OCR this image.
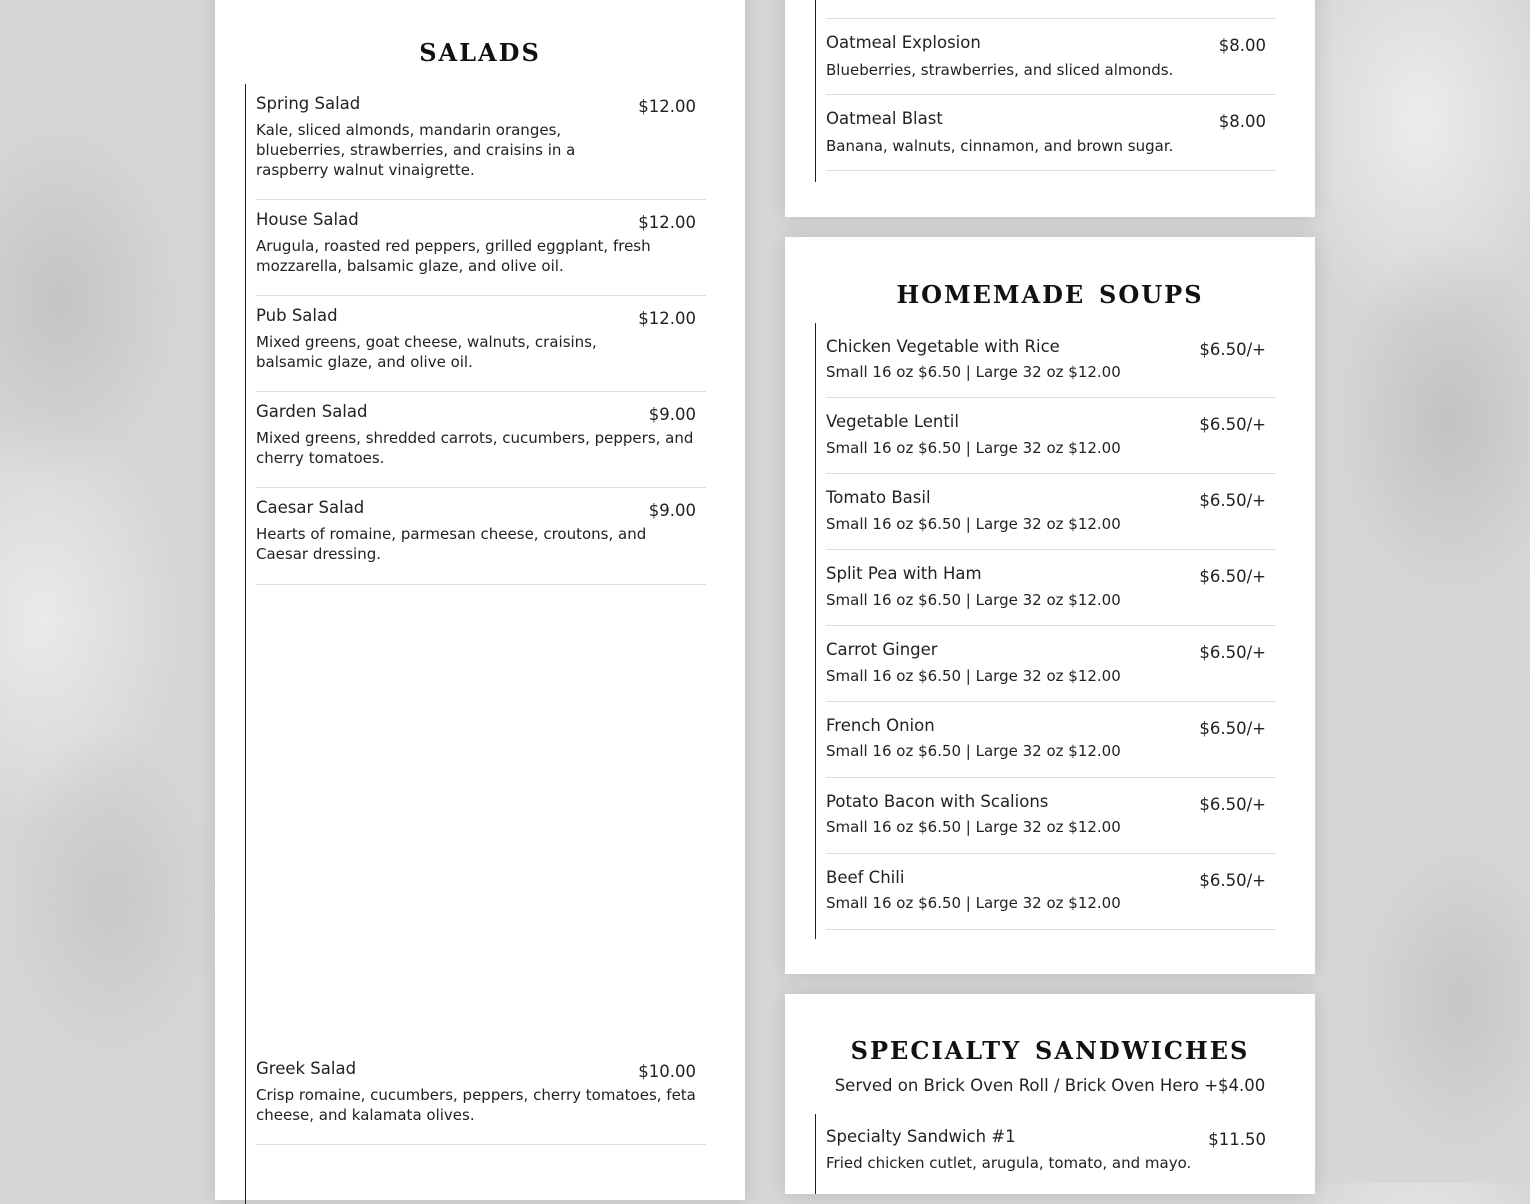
salads
Spring Salad	$12.00
Kale, sliced almonds, mandarin oranges, blueberries, strawberries, and craisins in a raspberry walnut vinaigrette.
House Salad	$12.00
Arugula, roasted red peppers, grilled eggplant, fresh mozzarella, balsamic glaze, and olive oil.
Pub Salad	$12.00
Mixed greens, goat cheese, walnuts, craisins, balsamic glaze, and olive oil.
Garden Salad	$9.00
Mixed greens, shredded carrots, cucumbers, peppers, and cherry tomatoes.
Caesar Salad	$9.00
Hearts of romaine, parmesan cheese, croutons, and Caesar dressing.
Greek Salad	$10.00
Crisp romaine, cucumbers, peppers, cherry tomatoes, feta cheese, and kalamata olives.
Oatmeal Explosion	$8.00
Blueberries, strawberries, and sliced almonds.
Oatmeal Blast	$8.00
Banana, walnuts, cinnamon, and brown sugar.
homemade soups
Chicken Vegetable with Rice	$6.50/+
Small 16 oz $6.50 | Large 32 oz $12.00
Vegetable Lentil	$6.50/+
Small 16 oz $6.50 | Large 32 oz $12.00
Tomato Basil	$6.50/+
Small 16 oz $6.50 | Large 32 oz $12.00
Split Pea with Ham	$6.50/+
Small 16 oz $6.50 | Large 32 oz $12.00
Carrot Ginger	$6.50/+
Small 16 oz $6.50 | Large 32 oz $12.00
French Onion	$6.50/+
Small 16 oz $6.50 | Large 32 oz $12.00
Potato Bacon with Scalions	$6.50/+
Small 16 oz $6.50 | Large 32 oz $12.00
Beef Chili	$6.50/+
Small 16 oz $6.50 | Large 32 oz $12.00
specialty sandwiches
Served on Brick Oven Roll / Brick Oven Hero +$4.00
Specialty Sandwich #1	$11.50
Fried chicken cutlet, arugula, tomato, and mayo.
